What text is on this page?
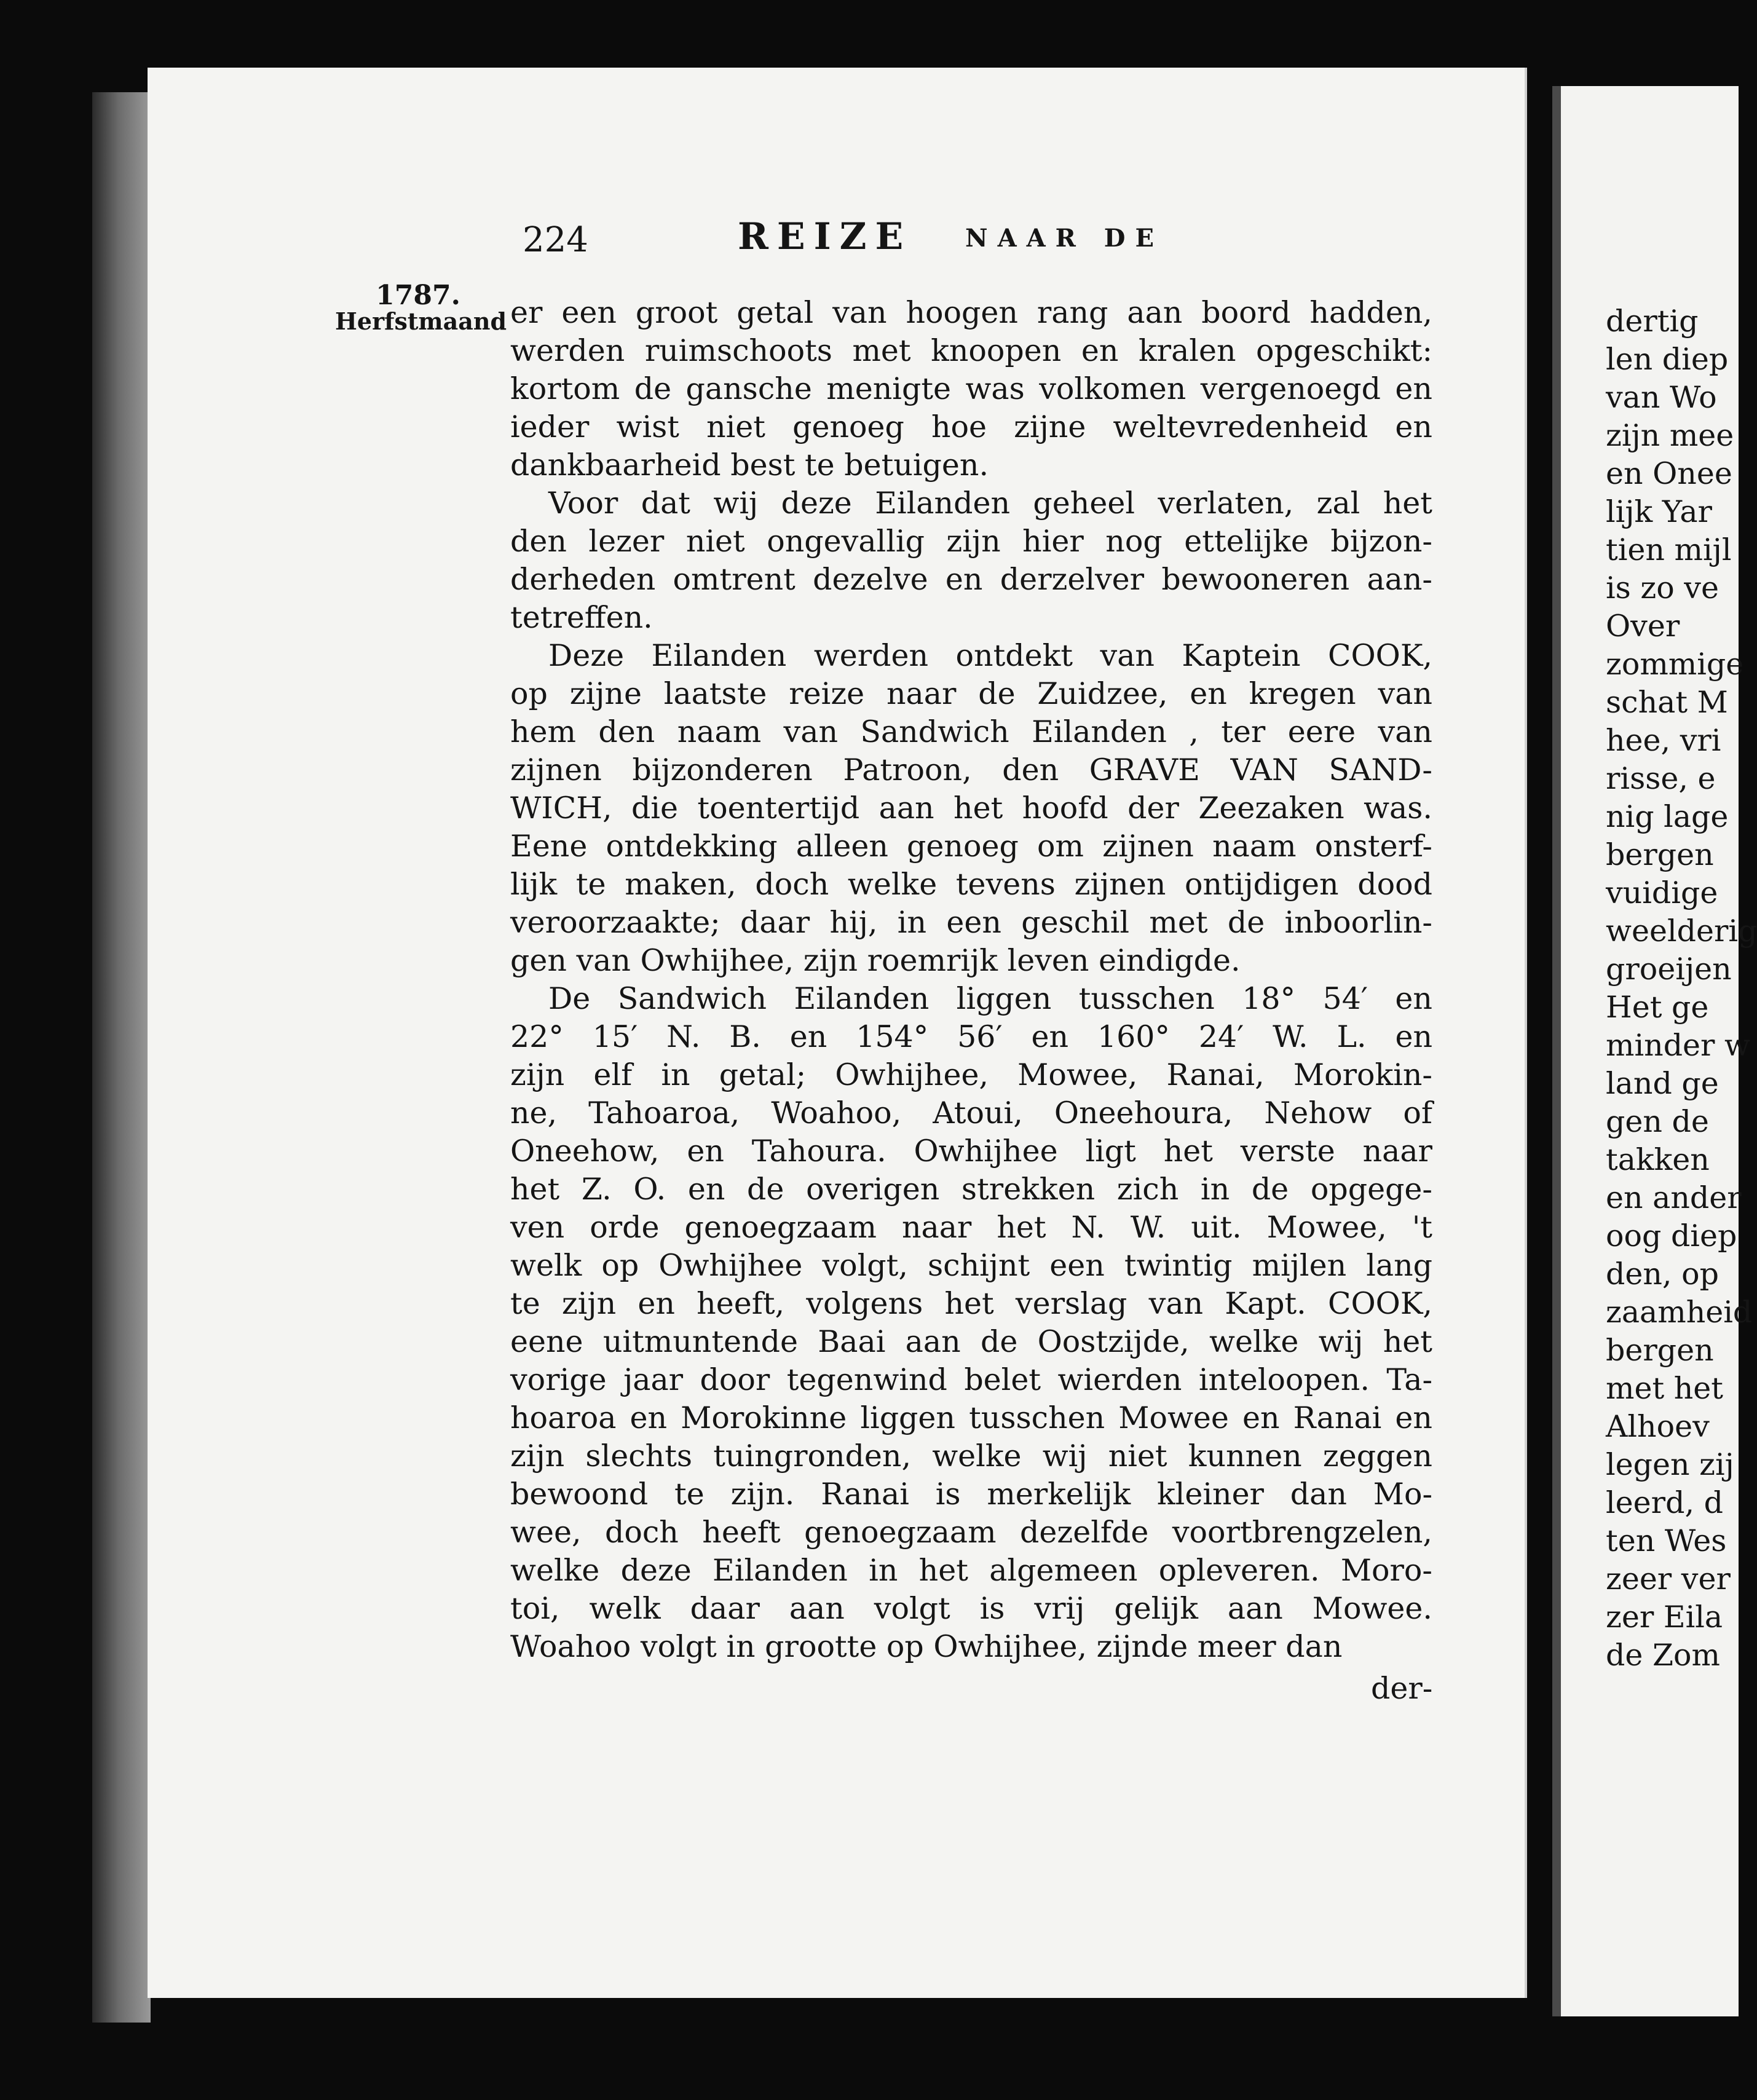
224	REIZE NAAR DE
1787.
Herfstmaand er een groot getal van hoogen rang aan boord hadden,
werden ruimschoots met knoopen en kralen opgeschikt:
kortom de gansche menigte was volkomen vergenoegd en
ieder wist niet genoeg hoe zijne weltevredenheid en
dankbaarheid best te betuigen.
Voor dat wij deze Eilanden geheel verlaten, zal het
den lezer niet ongevallig zijn hier nog ettelijke bijzon-
derheden omtrent dezelve en derzelver bewooneren aan-
tetreffen.
Deze Eilanden werden ontdekt van Kaptein COOK,
op zijne laatste reize naar de Zuidzee, en kregen van
hem den naam van Sandwich Eilanden , ter eere van
zijnen bijzonderen Patroon, den GRAVE VAN SAND-
WICH, die toentertijd aan het hoofd der Zeezaken was.
Eene ontdekking alleen genoeg om zijnen naam onsterf-
lijk te maken, doch welke tevens zijnen ontijdigen dood
veroorzaakte; daar hij, in een geschil met de inboorlin-
gen van Owhijhee, zijn roemrijk leven eindigde.
De Sandwich Eilanden liggen tusschen 18° 54′ en
22° 15′ N. B. en 154° 56′ en 160° 24′ W. L. en
zijn elf in getal; Owhijhee, Mowee, Ranai, Morokin-
ne, Tahoaroa, Woahoo, Atoui, Oneehoura, Nehow of
Oneehow, en Tahoura. Owhijhee ligt het verste naar
het Z. O. en de overigen strekken zich in de opgege-
ven orde genoegzaam naar het N. W. uit. Mowee, 't
welk op Owhijhee volgt, schijnt een twintig mijlen lang
te zijn en heeft, volgens het verslag van Kapt. COOK,
eene uitmuntende Baai aan de Oostzijde, welke wij het
vorige jaar door tegenwind belet wierden inteloopen. Ta-
hoaroa en Morokinne liggen tusschen Mowee en Ranai en
zijn slechts tuingronden, welke wij niet kunnen zeggen
bewoond te zijn. Ranai is merkelijk kleiner dan Mo-
wee, doch heeft genoegzaam dezelfde voortbrengzelen,
welke deze Eilanden in het algemeen opleveren. Moro-
toi, welk daar aan volgt is vrij gelijk aan Mowee.
Woahoo volgt in grootte op Owhijhee, zijnde meer dan
der-
dertig
len diep
van Wo
zijn mee
en Onee
lijk Yar
tien mijl
is zo ve
Over
zommige
schat M
hee, vri
risse, e
nig lage
bergen
vuidige
weelderig
groeijen
Het ge
minder w
land ge
gen de
takken
en ander
oog diep
den, op
zaamheid
bergen
met het
Alhoev
legen zij
leerd, d
ten Wes
zeer ver
zer Eila
de Zom
